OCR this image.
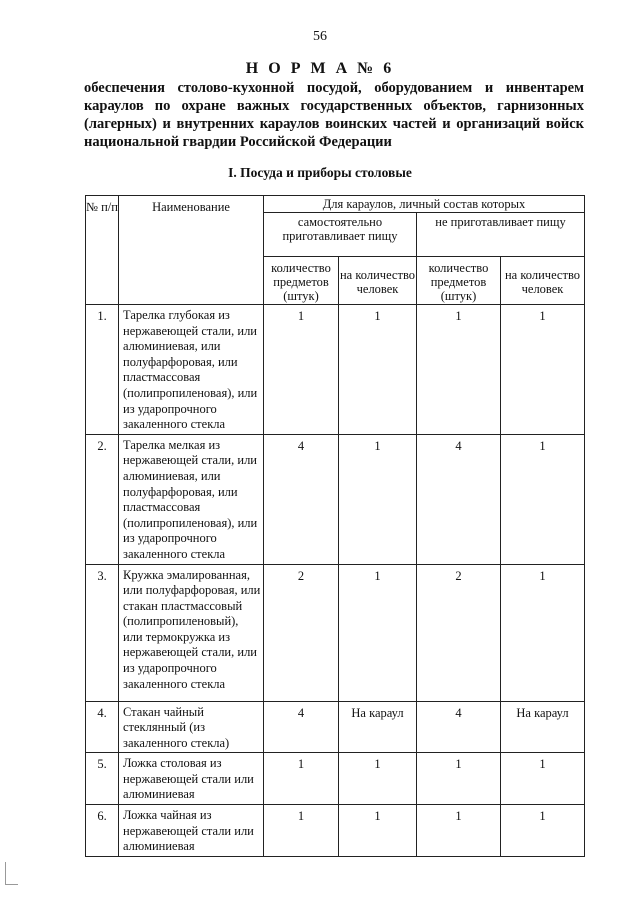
56
Н О Р М А № 6
обеспечения столово-кухонной посудой, оборудованием и инвентарем караулов по охране важных государственных объектов, гарнизонных (лагерных) и внутренних караулов воинских частей и организаций войск национальной гвардии Российской Федерации
I. Посуда и приборы столовые
№ п/п	Наименование	Для караулов, личный состав которых			
		самостоятельно приготавливает пищу		не приготавливает пищу	
		количество предметов (штук)	на количество человек	количество предметов (штук)	на количество человек
1.	Тарелка глубокая из нержавеющей стали, или алюминиевая, или полуфарфоровая, или пластмассовая (полипропиленовая), или из ударопрочного закаленного стекла	1	1	1	1
2.	Тарелка мелкая из нержавеющей стали, или алюминиевая, или полуфарфоровая, или пластмассовая (полипропиленовая), или из ударопрочного закаленного стекла	4	1	4	1
3.	Кружка эмалированная, или полуфарфоровая, или стакан пластмассовый (полипропиленовый), или термокружка из нержавеющей стали, или из ударопрочного закаленного стекла	2	1	2	1
4.	Стакан чайный стеклянный (из закаленного стекла)	4	На караул	4	На караул
5.	Ложка столовая из нержавеющей стали или алюминиевая	1	1	1	1
6.	Ложка чайная из нержавеющей стали или алюминиевая	1	1	1	1
